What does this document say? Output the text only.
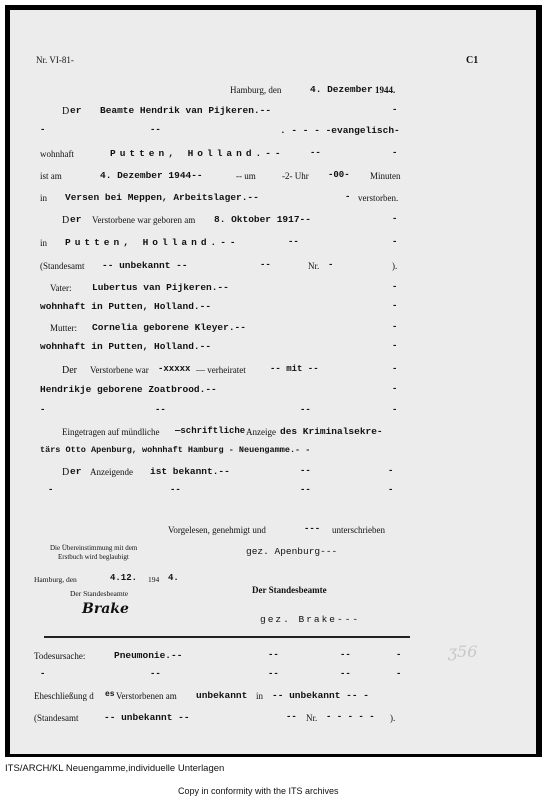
ʒ56
Nr. VI-81-	C1
Hamburg, den	4. Dezember 1944.
D er Beamte Hendrik van Pijkeren.--	-
-	--	. - - - -evangelisch-
wohnhaft	Putten, Holland.--	--	-
ist am	4. Dezember 1944--	-- um	-2- Uhr -00- Minuten
in Versen bei Meppen, Arbeitslager.--	- verstorben.
D er Verstorbene war geboren am 8. Oktober 1917--	-
in Putten, Holland.--	--	-
(Standesamt -- unbekannt --	--	Nr. -	).
Vater: Lubertus van Pijkeren.--	-
wohnhaft in Putten, Holland.--	-
Mutter: Cornelia geborene Kleyer.--	-
wohnhaft in Putten, Holland.--	-
Der Verstorbene war -xxxxx — verheiratet	-- mit --	-
Hendrikje geborene Zoatbrood.--	-
-	--	--	-
Eingetragen auf mündliche —schriftliche Anzeige des Kriminalsekre-
tärs Otto Apenburg, wohnhaft Hamburg - Neuengamme.- -
D er Anzeigende ist bekannt.--	--	-
-	--	--	-
Vorgelesen, genehmigt und	--- unterschrieben
Die Übereinstimmung mit dem
Erstbuch wird beglaubigt	gez. Apenburg---
Hamburg, den	4.12. 194 4.
Der Standesbeamte	Der Standesbeamte
Brake
gez. Brake---
Todesursache:	Pneumonie.--	--	--	-
-	--	--	--	-
Eheschließung d es Verstorbenen am unbekannt in -- unbekannt -- -
(Standesamt	-- unbekannt --	-- Nr. - - - - - ).
ITS/ARCH/KL Neuengamme,individuelle Unterlagen
Copy in conformity with the ITS archives
